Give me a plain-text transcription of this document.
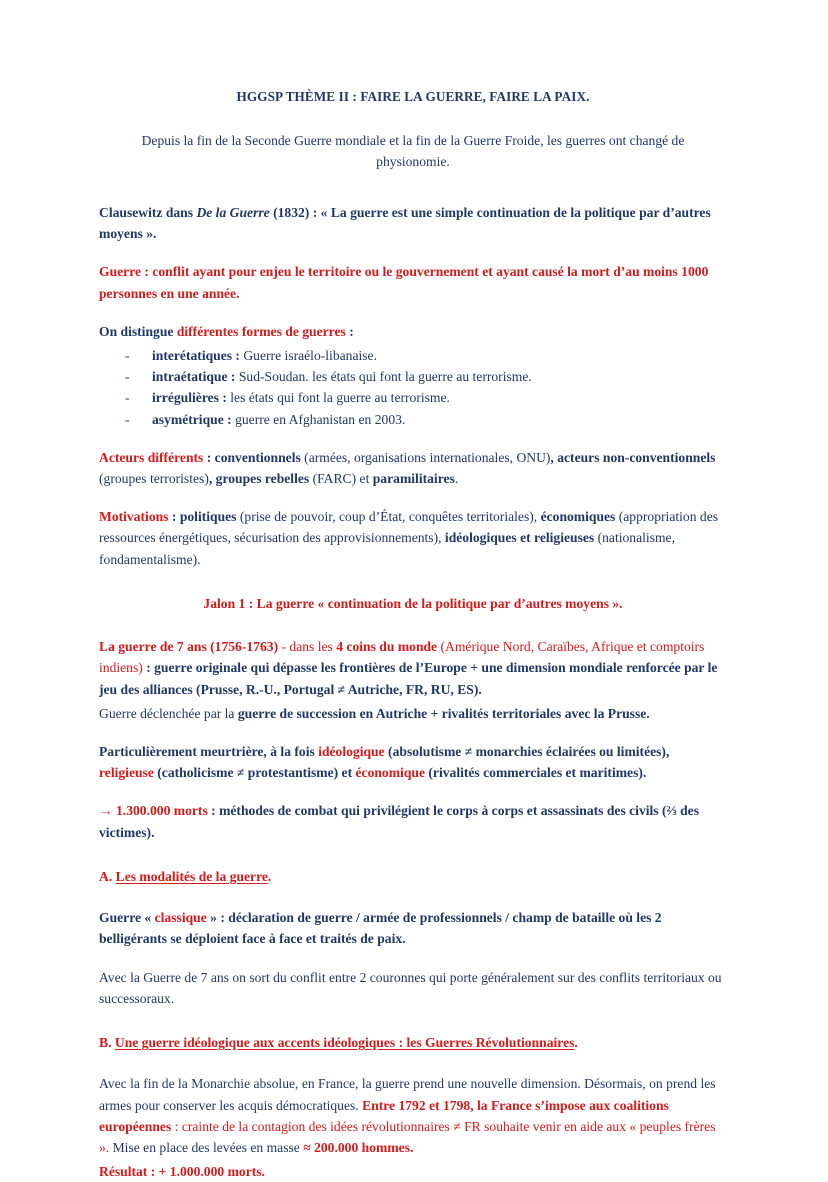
HGGSP THÈME II : FAIRE LA GUERRE, FAIRE LA PAIX.

Depuis la fin de la Seconde Guerre mondiale et la fin de la Guerre Froide, les guerres ont changé de physionomie.

Clausewitz dans De la Guerre (1832) : « La guerre est une simple continuation de la politique par d’autres moyens ».

Guerre : conflit ayant pour enjeu le territoire ou le gouvernement et ayant causé la mort d’au moins 1000 personnes en une année.

On distingue différentes formes de guerres :

- interétatiques : Guerre israélo-libanaise.
- intraétatique : Sud-Soudan. les états qui font la guerre au terrorisme.
- irrégulières : les états qui font la guerre au terrorisme.
- asymétrique : guerre en Afghanistan en 2003.

Acteurs différents : conventionnels (armées, organisations internationales, ONU), acteurs non-conventionnels (groupes terroristes), groupes rebelles (FARC) et paramilitaires.

Motivations : politiques (prise de pouvoir, coup d’État, conquêtes territoriales), économiques (appropriation des ressources énergétiques, sécurisation des approvisionnements), idéologiques et religieuses (nationalisme, fondamentalisme).

Jalon 1 : La guerre « continuation de la politique par d’autres moyens ».

La guerre de 7 ans (1756-1763) - dans les 4 coins du monde (Amérique Nord, Caraïbes, Afrique et comptoirs indiens) : guerre originale qui dépasse les frontières de l’Europe + une dimension mondiale renforcée par le jeu des alliances (Prusse, R.-U., Portugal ≠ Autriche, FR, RU, ES).

Guerre déclenchée par la guerre de succession en Autriche + rivalités territoriales avec la Prusse.

Particulièrement meurtrière, à la fois idéologique (absolutisme ≠ monarchies éclairées ou limitées), religieuse (catholicisme ≠ protestantisme) et économique (rivalités commerciales et maritimes).

→ 1.300.000 morts : méthodes de combat qui privilégient le corps à corps et assassinats des civils (⅔ des victimes).

A. Les modalités de la guerre.

Guerre « classique » : déclaration de guerre / armée de professionnels / champ de bataille où les 2 belligérants se déploient face à face et traités de paix.

Avec la Guerre de 7 ans on sort du conflit entre 2 couronnes qui porte généralement sur des conflits territoriaux ou successoraux.

B. Une guerre idéologique aux accents idéologiques : les Guerres Révolutionnaires.

Avec la fin de la Monarchie absolue, en France, la guerre prend une nouvelle dimension. Désormais, on prend les armes pour conserver les acquis démocratiques. Entre 1792 et 1798, la France s’impose aux coalitions européennes : crainte de la contagion des idées révolutionnaires ≠ FR souhaite venir en aide aux « peuples frères ». Mise en place des levées en masse ≈ 200.000 hommes.

Résultat : + 1.000.000 morts.
